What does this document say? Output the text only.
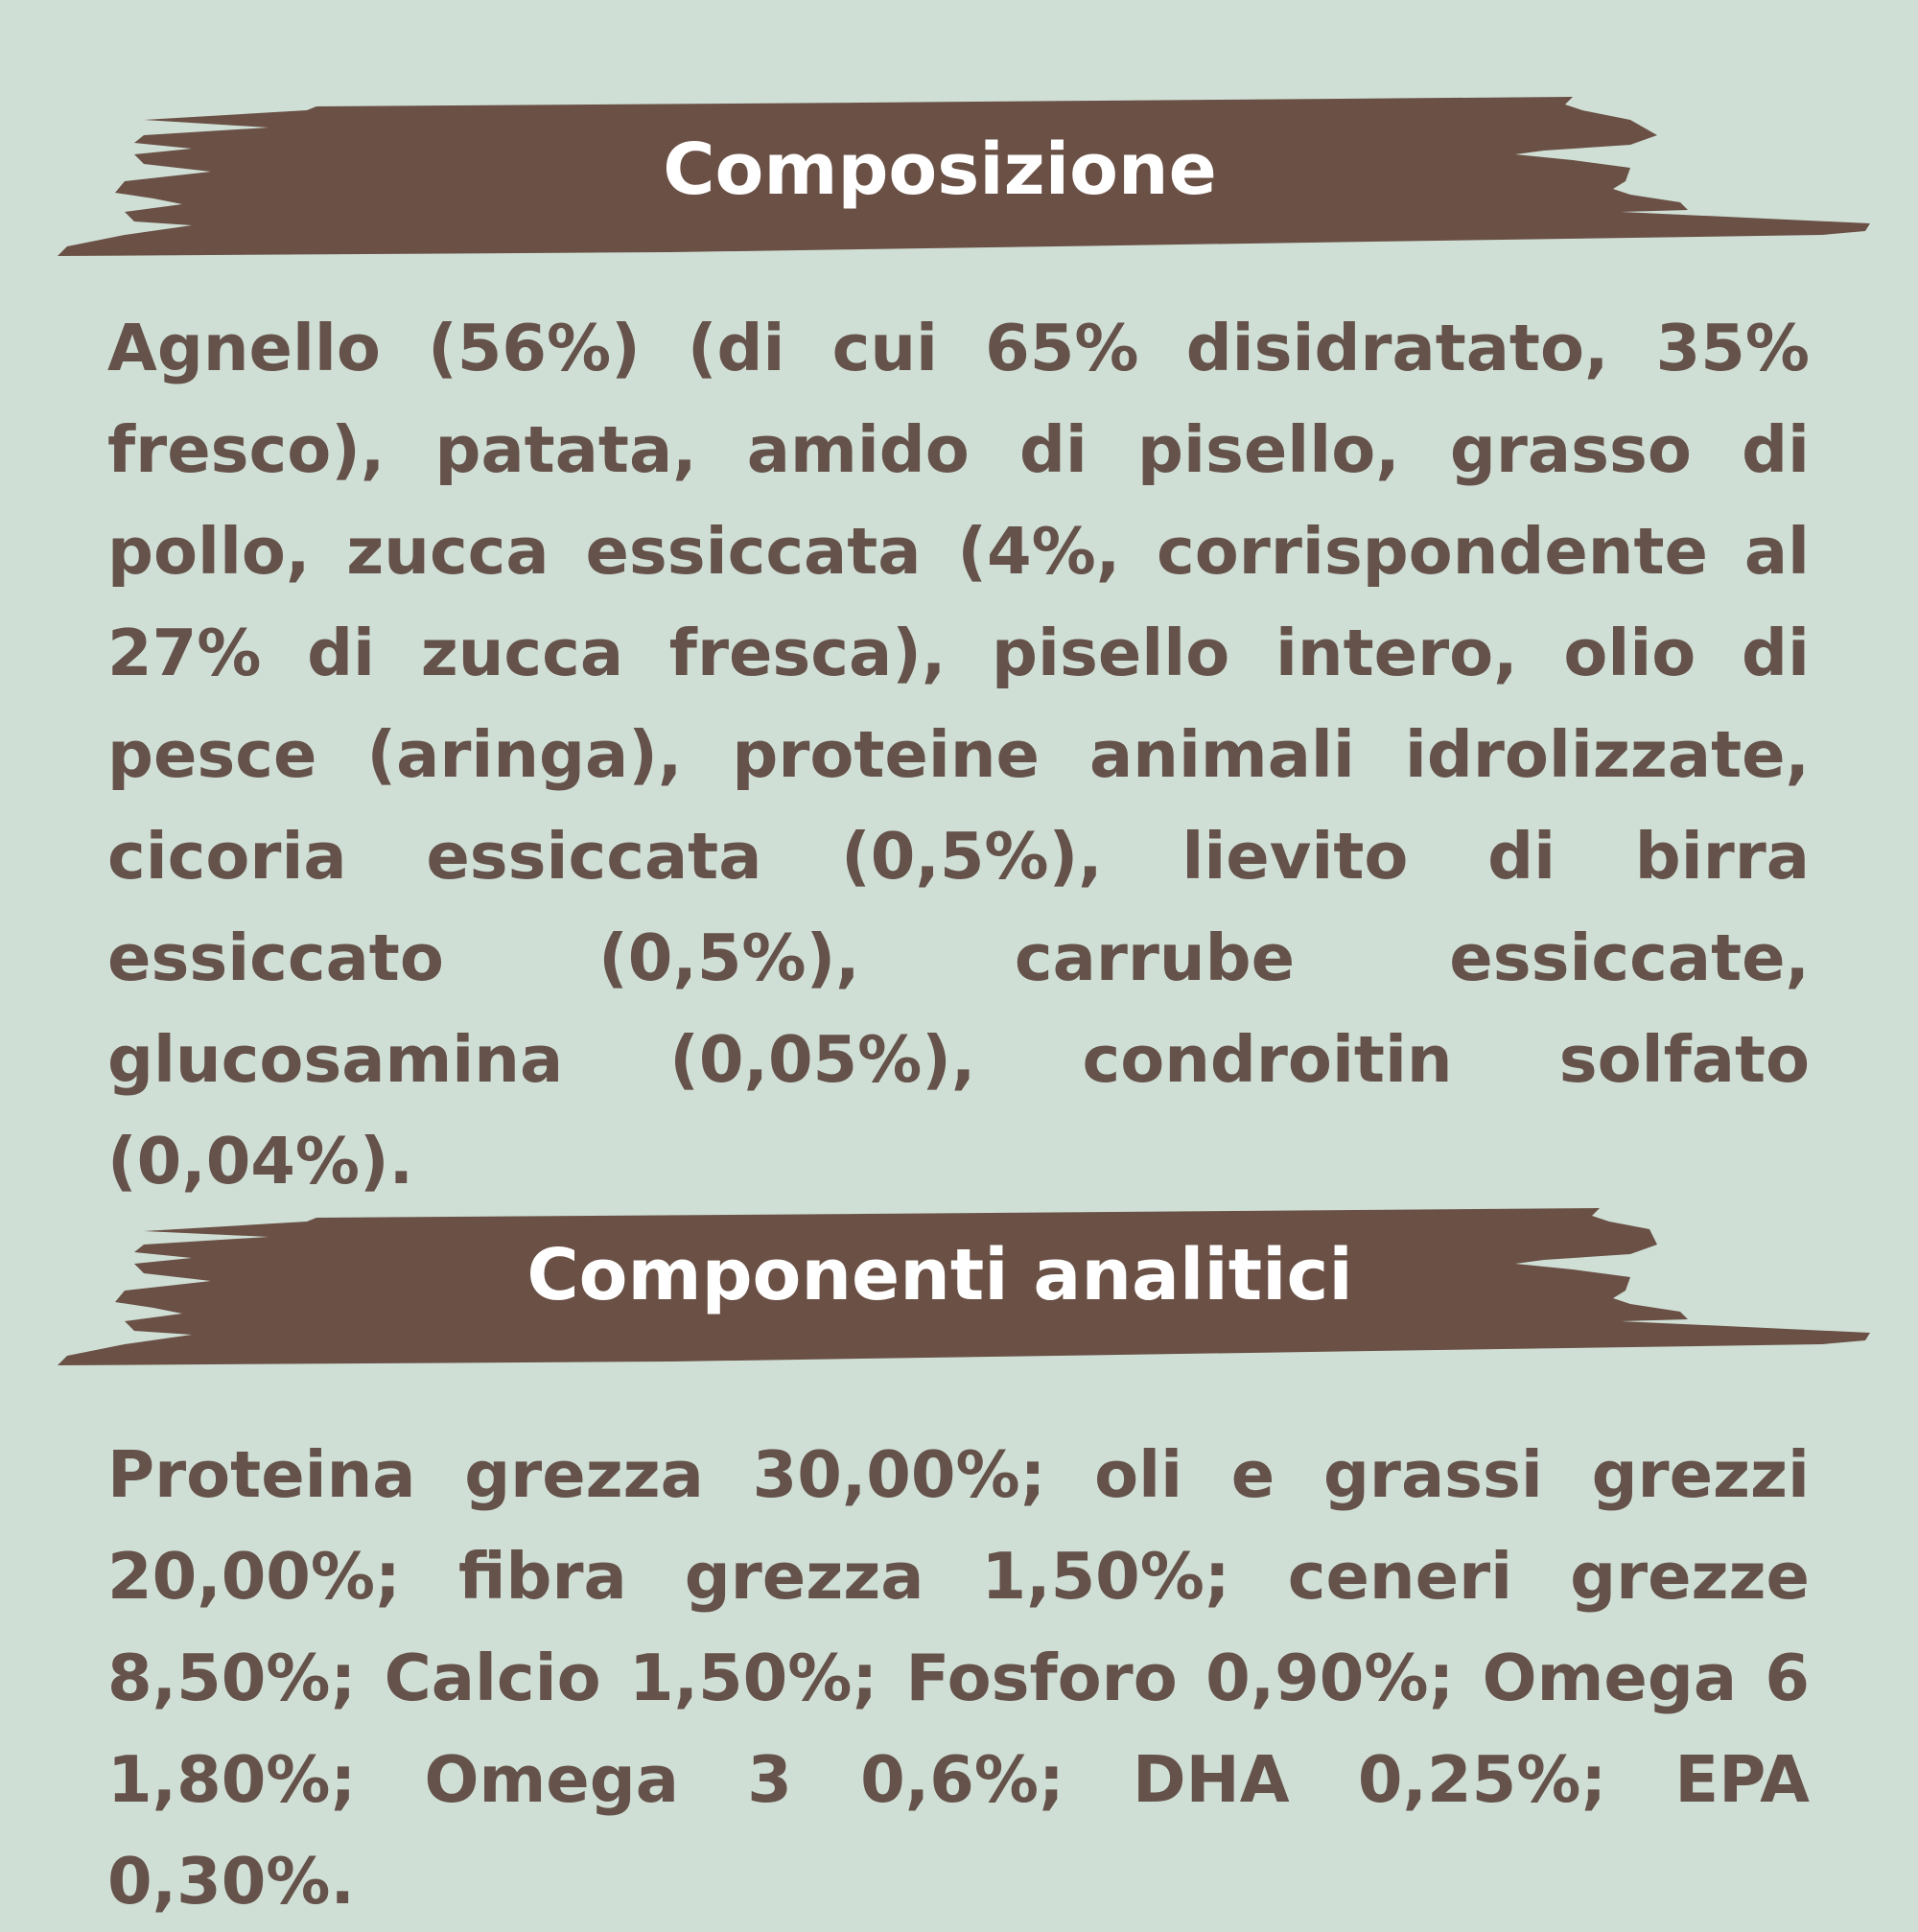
Composizione
Agnello (56%) (di cui 65% disidratato, 35% fresco), patata, amido di pisello, grasso di pollo, zucca essiccata (4%, corrispondente al 27% di zucca fresca), pisello intero, olio di pesce (aringa), proteine animali idrolizzate, cicoria essiccata (0,5%), lievito di birra essiccato (0,5%), carrube essiccate, glucosamina (0,05%), condroitin solfato (0,04%).
Componenti analitici
Proteina grezza 30,00%; oli e grassi grezzi 20,00%; fibra grezza 1,50%; ceneri grezze 8,50%; Calcio 1,50%; Fosforo 0,90%; Omega 6 1,80%; Omega 3 0,6%; DHA 0,25%; EPA 0,30%.
